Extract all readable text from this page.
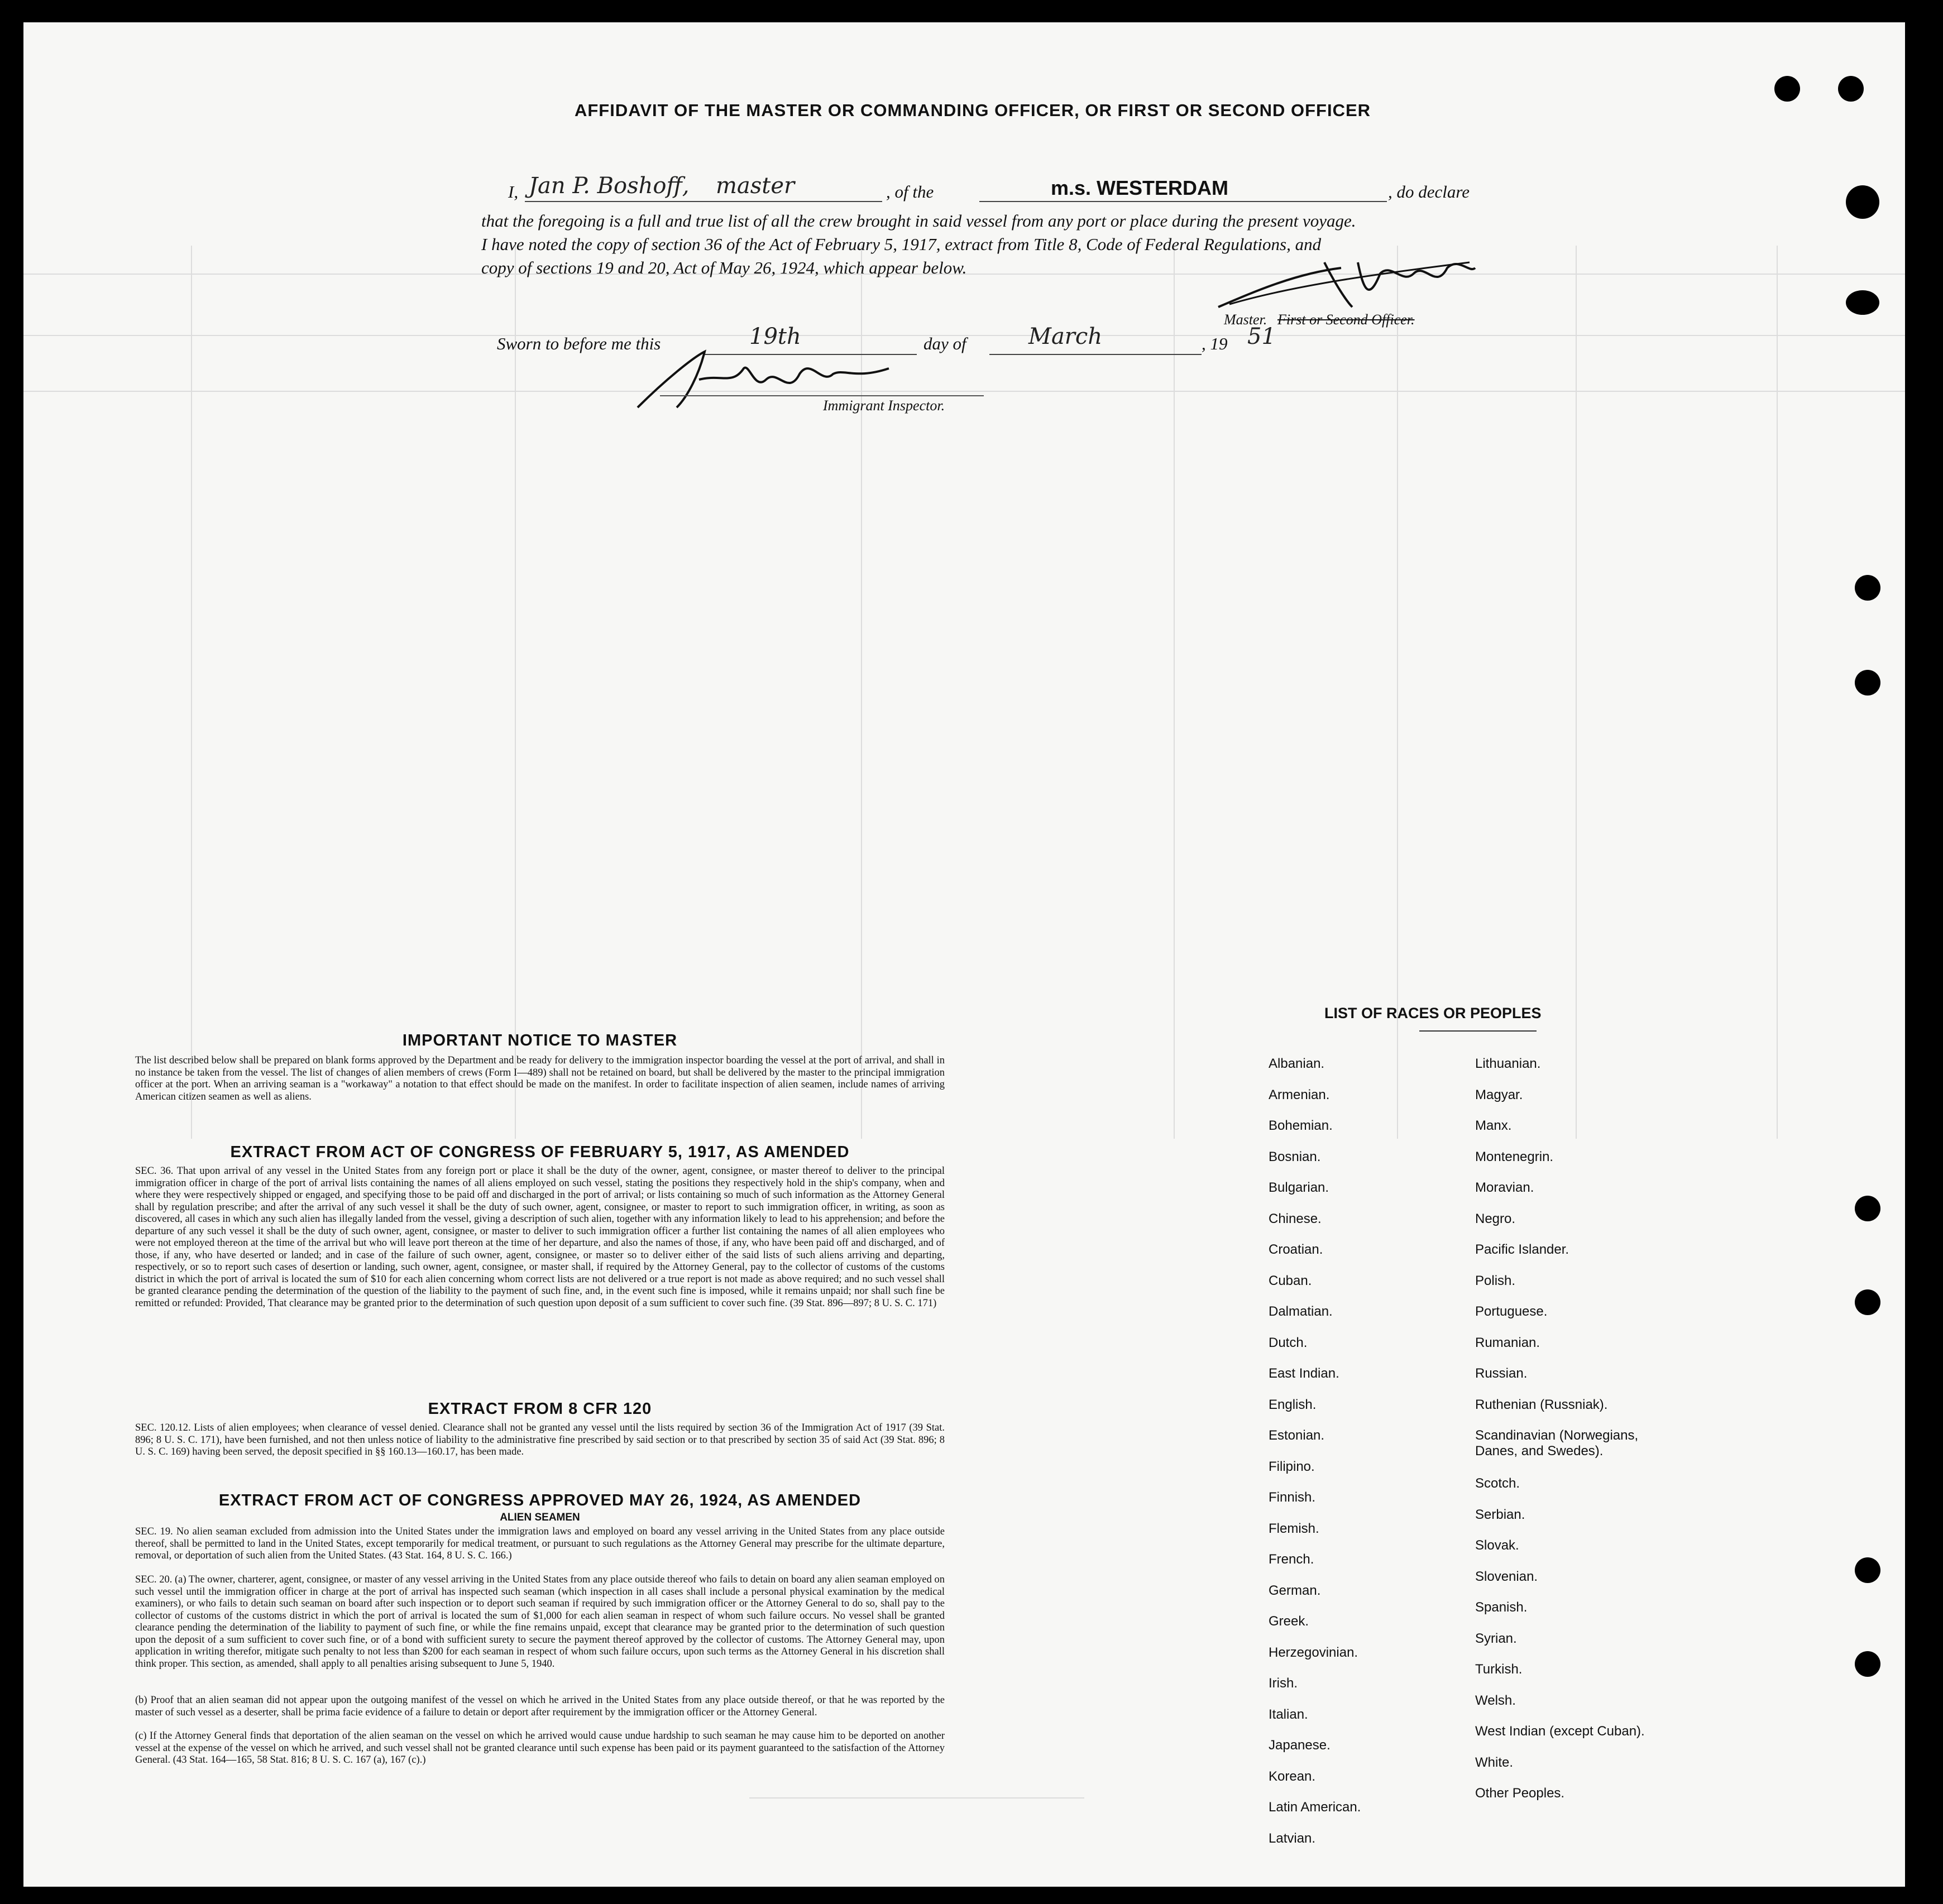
AFFIDAVIT OF THE MASTER OR COMMANDING OFFICER, OR FIRST OR SECOND OFFICER
I, Jan P. Boshoff, master	, of the	m.s. WESTERDAM	, do declare
that the foregoing is a full and true list of all the crew brought in said vessel from any port or place during the present voyage.
I have noted the copy of section 36 of the Act of February 5, 1917, extract from Title 8, Code of Federal Regulations, and
copy of sections 19 and 20, Act of May 26, 1924, which appear below.
Master. First or Second Officer.
Sworn to before me this	19th	day of	March	, 19 51
Immigrant Inspector.
IMPORTANT NOTICE TO MASTER
The list described below shall be prepared on blank forms approved by the Department and be ready for delivery to the immigration inspector boarding the vessel at the port of arrival, and shall in no instance be taken from the vessel. The list of changes of alien members of crews (Form I—489) shall not be retained on board, but shall be delivered by the master to the principal immigration officer at the port. When an arriving seaman is a "workaway" a notation to that effect should be made on the manifest. In order to facilitate inspection of alien seamen, include names of arriving American citizen seamen as well as aliens.
EXTRACT FROM ACT OF CONGRESS OF FEBRUARY 5, 1917, AS AMENDED
SEC. 36. That upon arrival of any vessel in the United States from any foreign port or place it shall be the duty of the owner, agent, consignee, or master thereof to deliver to the principal immigration officer in charge of the port of arrival lists containing the names of all aliens employed on such vessel, stating the positions they respectively hold in the ship's company, when and where they were respectively shipped or engaged, and specifying those to be paid off and discharged in the port of arrival; or lists containing so much of such information as the Attorney General shall by regulation prescribe; and after the arrival of any such vessel it shall be the duty of such owner, agent, consignee, or master to report to such immigration officer, in writing, as soon as discovered, all cases in which any such alien has illegally landed from the vessel, giving a description of such alien, together with any information likely to lead to his apprehension; and before the departure of any such vessel it shall be the duty of such owner, agent, consignee, or master to deliver to such immigration officer a further list containing the names of all alien employees who were not employed thereon at the time of the arrival but who will leave port thereon at the time of her departure, and also the names of those, if any, who have been paid off and discharged, and of those, if any, who have deserted or landed; and in case of the failure of such owner, agent, consignee, or master so to deliver either of the said lists of such aliens arriving and departing, respectively, or so to report such cases of desertion or landing, such owner, agent, consignee, or master shall, if required by the Attorney General, pay to the collector of customs of the customs district in which the port of arrival is located the sum of $10 for each alien concerning whom correct lists are not delivered or a true report is not made as above required; and no such vessel shall be granted clearance pending the determination of the question of the liability to the payment of such fine, and, in the event such fine is imposed, while it remains unpaid; nor shall such fine be remitted or refunded: Provided, That clearance may be granted prior to the determination of such question upon deposit of a sum sufficient to cover such fine. (39 Stat. 896—897; 8 U. S. C. 171)
EXTRACT FROM 8 CFR 120
SEC. 120.12. Lists of alien employees; when clearance of vessel denied. Clearance shall not be granted any vessel until the lists required by section 36 of the Immigration Act of 1917 (39 Stat. 896; 8 U. S. C. 171), have been furnished, and not then unless notice of liability to the administrative fine prescribed by said section or to that prescribed by section 35 of said Act (39 Stat. 896; 8 U. S. C. 169) having been served, the deposit specified in §§ 160.13—160.17, has been made.
EXTRACT FROM ACT OF CONGRESS APPROVED MAY 26, 1924, AS AMENDED
ALIEN SEAMEN
SEC. 19. No alien seaman excluded from admission into the United States under the immigration laws and employed on board any vessel arriving in the United States from any place outside thereof, shall be permitted to land in the United States, except temporarily for medical treatment, or pursuant to such regulations as the Attorney General may prescribe for the ultimate departure, removal, or deportation of such alien from the United States. (43 Stat. 164, 8 U. S. C. 166.)
SEC. 20. (a) The owner, charterer, agent, consignee, or master of any vessel arriving in the United States from any place outside thereof who fails to detain on board any alien seaman employed on such vessel until the immigration officer in charge at the port of arrival has inspected such seaman (which inspection in all cases shall include a personal physical examination by the medical examiners), or who fails to detain such seaman on board after such inspection or to deport such seaman if required by such immigration officer or the Attorney General to do so, shall pay to the collector of customs of the customs district in which the port of arrival is located the sum of $1,000 for each alien seaman in respect of whom such failure occurs. No vessel shall be granted clearance pending the determination of the liability to payment of such fine, or while the fine remains unpaid, except that clearance may be granted prior to the determination of such question upon the deposit of a sum sufficient to cover such fine, or of a bond with sufficient surety to secure the payment thereof approved by the collector of customs. The Attorney General may, upon application in writing therefor, mitigate such penalty to not less than $200 for each seaman in respect of whom such failure occurs, upon such terms as the Attorney General in his discretion shall think proper. This section, as amended, shall apply to all penalties arising subsequent to June 5, 1940.
(b) Proof that an alien seaman did not appear upon the outgoing manifest of the vessel on which he arrived in the United States from any place outside thereof, or that he was reported by the master of such vessel as a deserter, shall be prima facie evidence of a failure to detain or deport after requirement by the immigration officer or the Attorney General.
(c) If the Attorney General finds that deportation of the alien seaman on the vessel on which he arrived would cause undue hardship to such seaman he may cause him to be deported on another vessel at the expense of the vessel on which he arrived, and such vessel shall not be granted clearance until such expense has been paid or its payment guaranteed to the satisfaction of the Attorney General. (43 Stat. 164—165, 58 Stat. 816; 8 U. S. C. 167 (a), 167 (c).)
LIST OF RACES OR PEOPLES
Albanian.
Armenian.
Bohemian.
Bosnian.
Bulgarian.
Chinese.
Croatian.
Cuban.
Dalmatian.
Dutch.
East Indian.
English.
Estonian.
Filipino.
Finnish.
Flemish.
French.
German.
Greek.
Herzegovinian.
Irish.
Italian.
Japanese.
Korean.
Latin American.
Latvian.
Lithuanian.
Magyar.
Manx.
Montenegrin.
Moravian.
Negro.
Pacific Islander.
Polish.
Portuguese.
Rumanian.
Russian.
Ruthenian (Russniak).
Scandinavian (Norwegians,
Danes, and Swedes).
Scotch.
Serbian.
Slovak.
Slovenian.
Spanish.
Syrian.
Turkish.
Welsh.
West Indian (except Cuban).
White.
Other Peoples.
